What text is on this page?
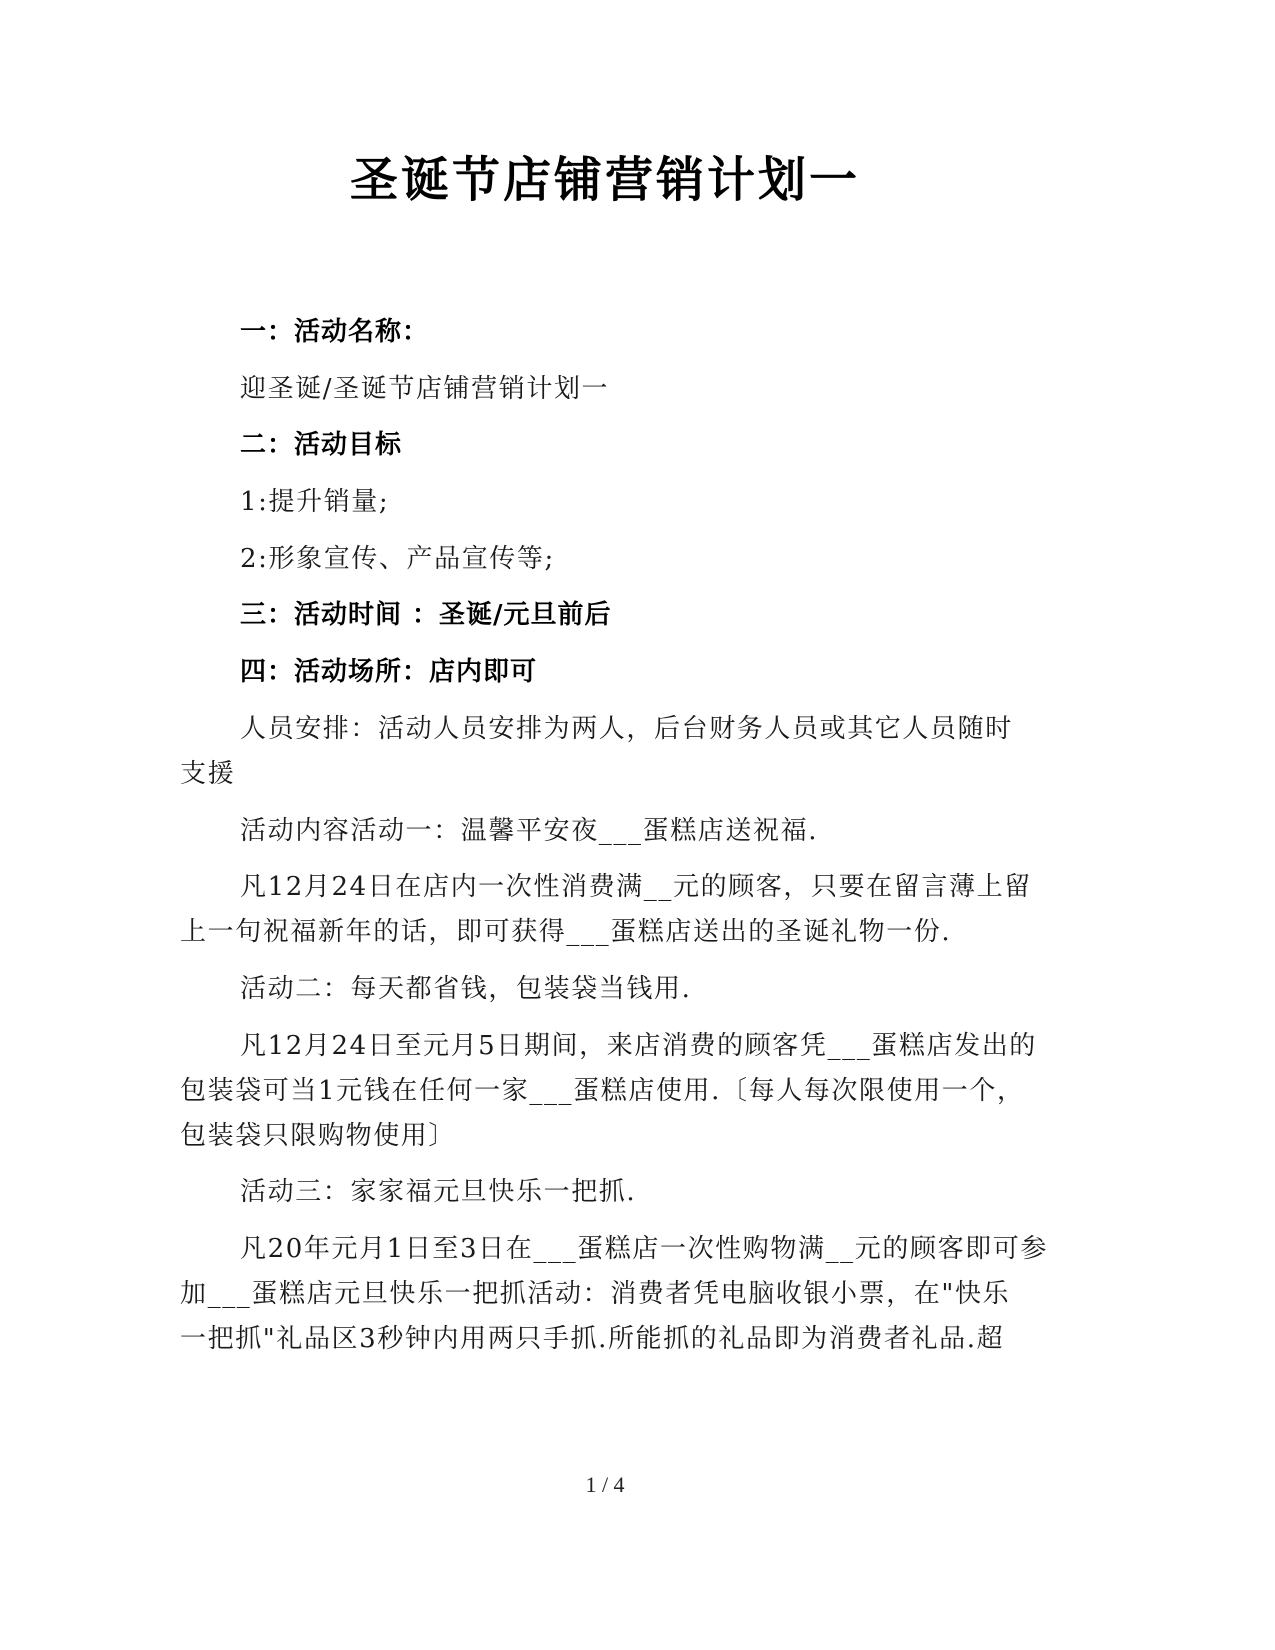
圣诞节店铺营销计划一
一：活动名称：
迎圣诞/圣诞节店铺营销计划一
二：活动目标
1:提升销量;
2:形象宣传、产品宣传等;
三：活动时间 ：圣诞/元旦前后
四：活动场所：店内即可
人员安排：活动人员安排为两人，后台财务人员或其它人员随时
支援
活动内容活动一：温馨平安夜___蛋糕店送祝福.
凡12月24日在店内一次性消费满__元的顾客，只要在留言薄上留
上一句祝福新年的话，即可获得___蛋糕店送出的圣诞礼物一份.
活动二：每天都省钱，包装袋当钱用.
凡12月24日至元月5日期间，来店消费的顾客凭___蛋糕店发出的
包装袋可当1元钱在任何一家___蛋糕店使用.〔每人每次限使用一个，
包装袋只限购物使用〕
活动三：家家福元旦快乐一把抓.
凡20年元月1日至3日在___蛋糕店一次性购物满__元的顾客即可参
加___蛋糕店元旦快乐一把抓活动：消费者凭电脑收银小票，在"快乐
一把抓"礼品区3秒钟内用两只手抓.所能抓的礼品即为消费者礼品.超
1 / 4
